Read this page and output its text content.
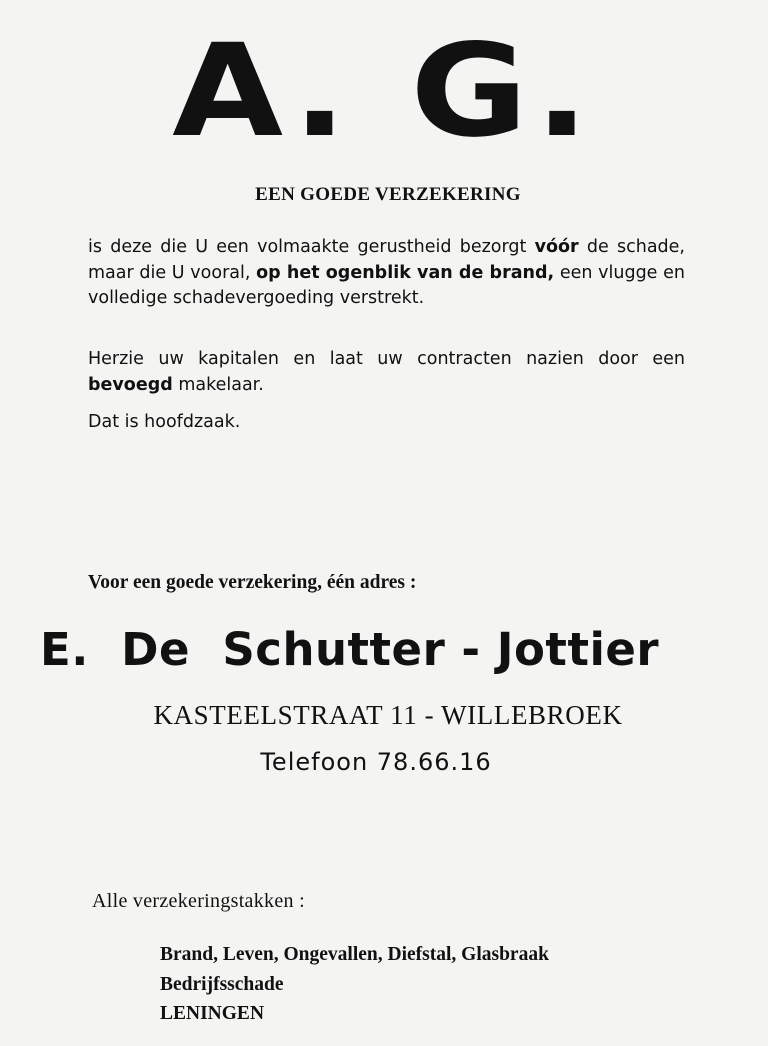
A. G.
EEN GOEDE VERZEKERING
is deze die U een volmaakte gerustheid bezorgt vóór de schade, maar die U vooral, op het ogenblik van de brand, een vlugge en volledige schadevergoeding verstrekt.
Herzie uw kapitalen en laat uw contracten nazien door een bevoegd makelaar.
Dat is hoofdzaak.
Voor een goede verzekering, één adres :
E.  De  Schutter - Jottier
KASTEELSTRAAT 11 - WILLEBROEK
Telefoon 78.66.16
Alle verzekeringstakken :
Brand, Leven, Ongevallen, Diefstal, Glasbraak
Bedrijfsschade
LENINGEN
